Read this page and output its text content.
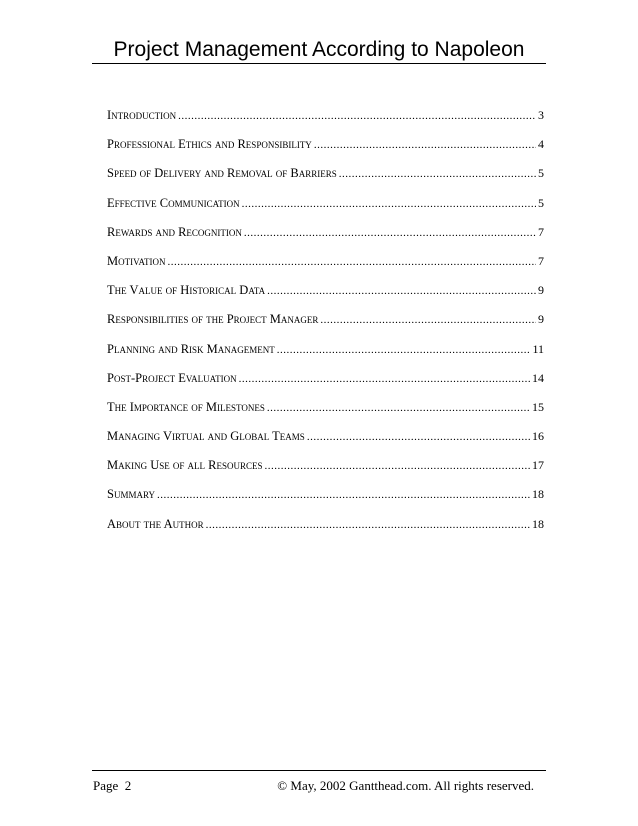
Project Management According to Napoleon
Introduction .....	3
Professional Ethics and Responsibility .....	4
Speed of Delivery and Removal of Barriers .....	5
Effective Communication .....	5
Rewards and Recognition .....	7
Motivation .....	7
The Value of Historical Data .....	9
Responsibilities of the Project Manager .....	9
Planning and Risk Management .....	11
Post-Project Evaluation .....	14
The Importance of Milestones .....	15
Managing Virtual and Global Teams .....	16
Making Use of all Resources .....	17
Summary .....	18
About the Author .....	18
Page  2	© May, 2002 Gantthead.com. All rights reserved.
